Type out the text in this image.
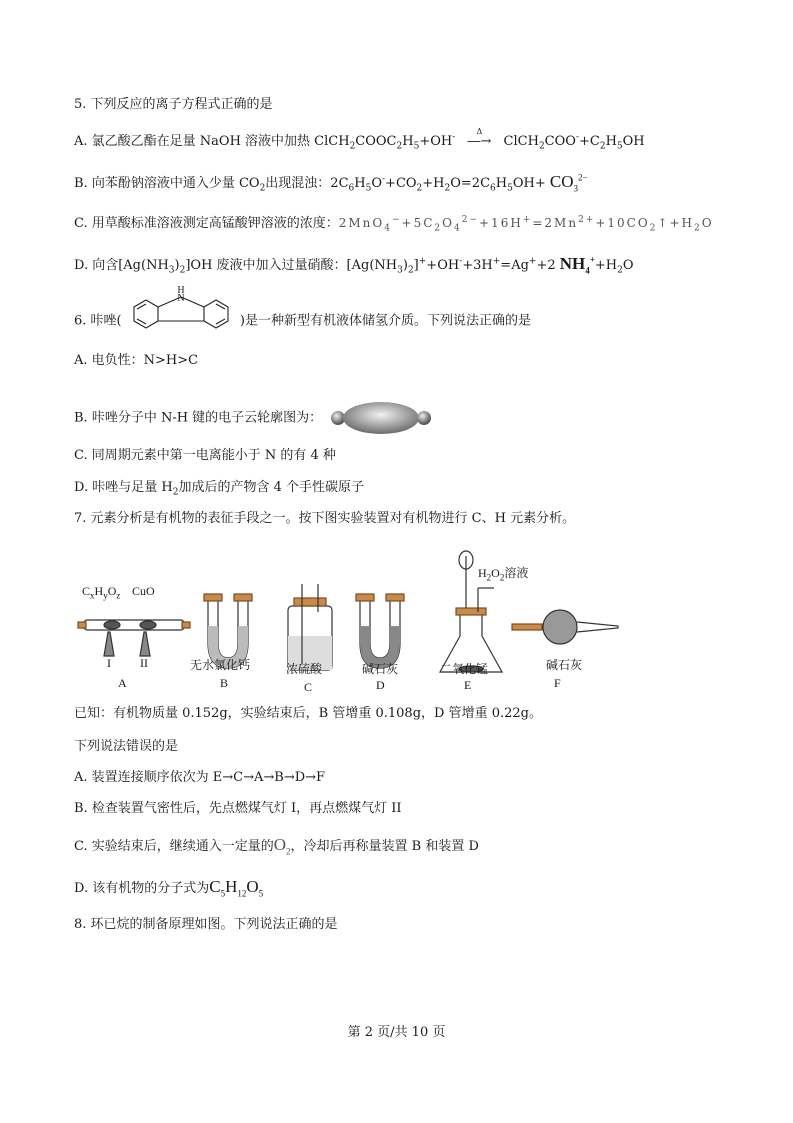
5. 下列反应的离子方程式正确的是
A. 氯乙酸乙酯在足量 NaOH 溶液中加热 $ClCH_2COOC_2H_5+OH^-$
Δ
―→ $ClCH_2COO^-+C_2H_5OH$
B. 向苯酚钠溶液中通入少量 $CO_2$出现混浊：$2C_6H_5O^-+CO_2+H_2O=2C_6H_5OH+ CO_3^{2-}$
C. 用草酸标准溶液测定高锰酸钾溶液的浓度：$2MnO_4^-+5C_2O_4^{2-}+16H^+=2Mn^{2+}+10CO_2↑+H_2O$
D. 向含$[Ag(NH_3)_2]OH$ 废液中加入过量硝酸：$[Ag(NH_3)_2]^++OH^-+3H^+=Ag^++2$ $NH_4^++H_2O$
6. 咔唑(
H
N
)是一种新型有机液体储氢介质。下列说法正确的是
A. 电负性：N>H>C
B. 咔唑分子中 N-H 键的电子云轮廓图为：
C. 同周期元素中第一电离能小于 N 的有 4 种
D. 咔唑与足量 $H_2$加成后的产物含 4 个手性碳原子
7. 元素分析是有机物的表征手段之一。按下图实验装置对有机物进行 C、H 元素分析。
$C_xH_yO_z$ CuO
I II
A
无水氯化钙
B
浓硫酸
C
碱石灰
D
$H_2O_2$溶液
二氧化锰
E
碱石灰
F
已知：有机物质量 0.152g，实验结束后，B 管增重 0.108g，D 管增重 0.22g。
下列说法错误的是
A. 装置连接顺序依次为 E→C→A→B→D→F
B. 检查装置气密性后，先点燃煤气灯 I，再点燃煤气灯 II
C. 实验结束后，继续通入一定量的$O_2$，冷却后再称量装置 B 和装置 D
D. 该有机物的分子式为$C_5H_{12}O_5$
8. 环已烷的制备原理如图。下列说法正确的是
第 2 页/共 10 页
